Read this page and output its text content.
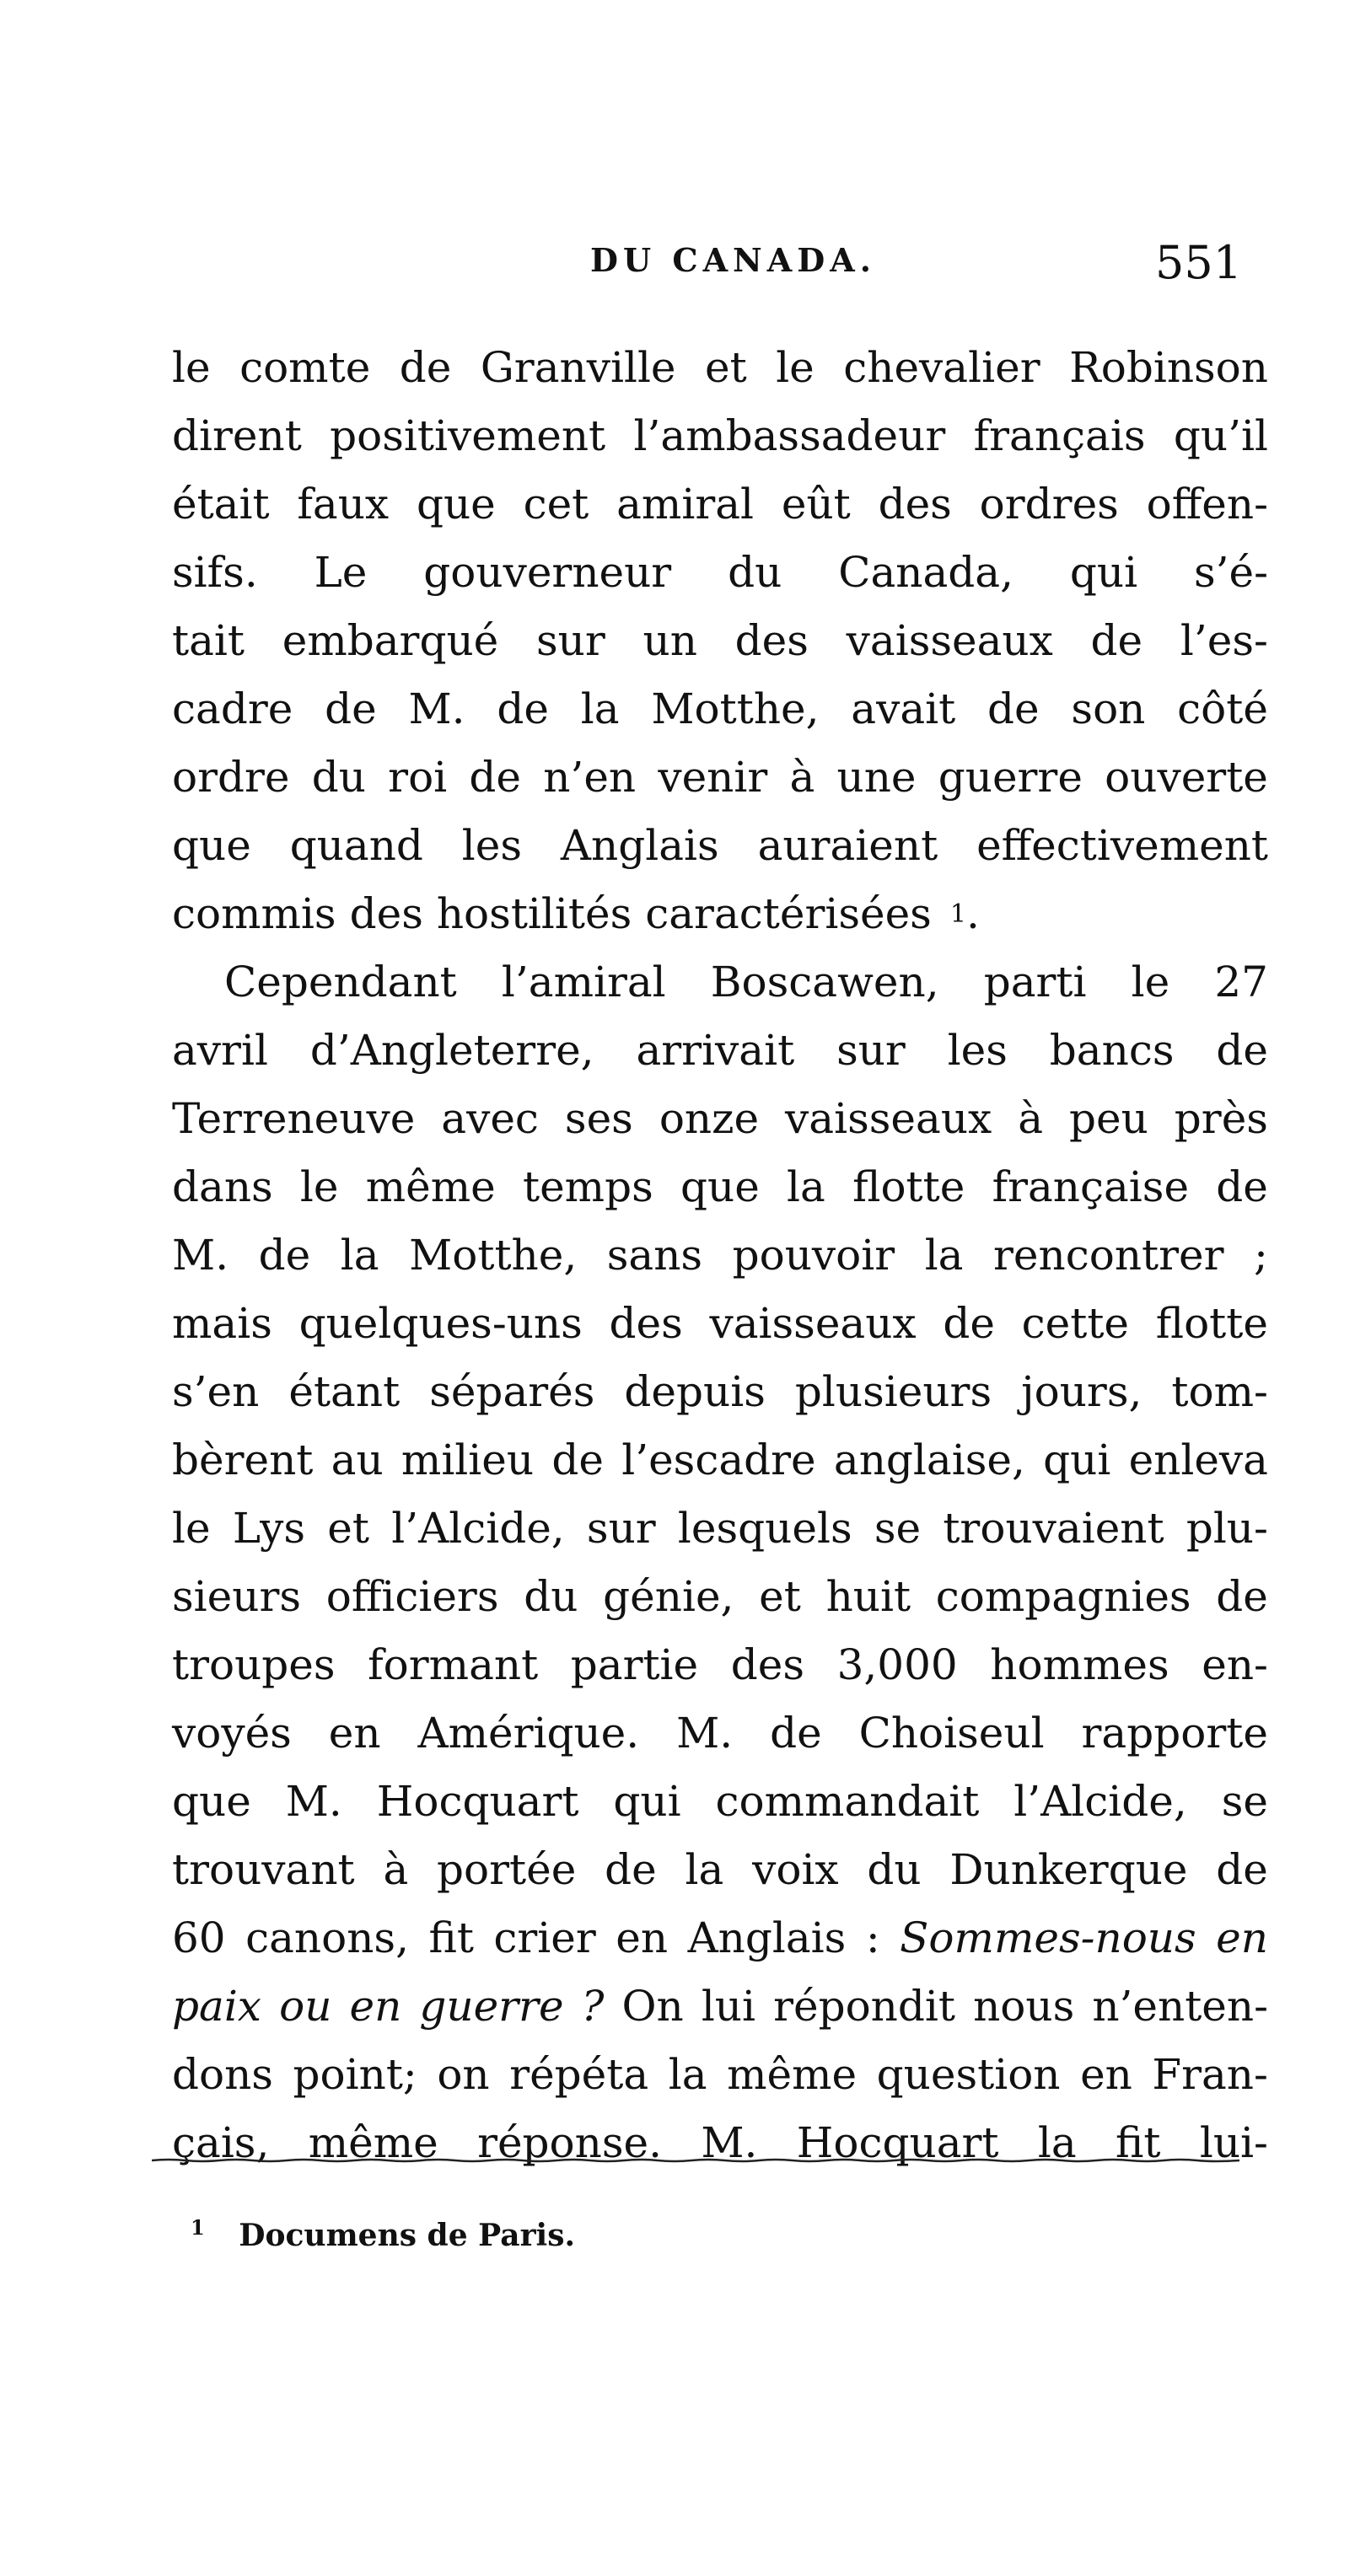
DU CANADA.	551
le comte de Granville et le chevalier Robinson
dirent positivement l’ambassadeur français qu’il
était faux que cet amiral eût des ordres offen-
sifs. Le gouverneur du Canada, qui s’é-
tait embarqué sur un des vaisseaux de l’es-
cadre de M. de la Motthe, avait de son côté
ordre du roi de n’en venir à une guerre ouverte
que quand les Anglais auraient effectivement
commis des hostilités caractérisées 1 .
Cependant l’amiral Boscawen, parti le 27
avril d’Angleterre, arrivait sur les bancs de
Terreneuve avec ses onze vaisseaux à peu près
dans le même temps que la flotte française de
M. de la Motthe, sans pouvoir la rencontrer ;
mais quelques-uns des vaisseaux de cette flotte
s’en étant séparés depuis plusieurs jours, tom-
bèrent au milieu de l’escadre anglaise, qui enleva
le Lys et l’Alcide, sur lesquels se trouvaient plu-
sieurs officiers du génie, et huit compagnies de
troupes formant partie des 3,000 hommes en-
voyés en Amérique. M. de Choiseul rapporte
que M. Hocquart qui commandait l’Alcide, se
trouvant à portée de la voix du Dunkerque de
60 canons, fit crier en Anglais : Sommes-nous en
paix ou en guerre ? On lui répondit nous n’enten-
dons point; on répéta la même question en Fran-
çais, même réponse. M. Hocquart la fit lui-
$^1$ Documens de Paris.
